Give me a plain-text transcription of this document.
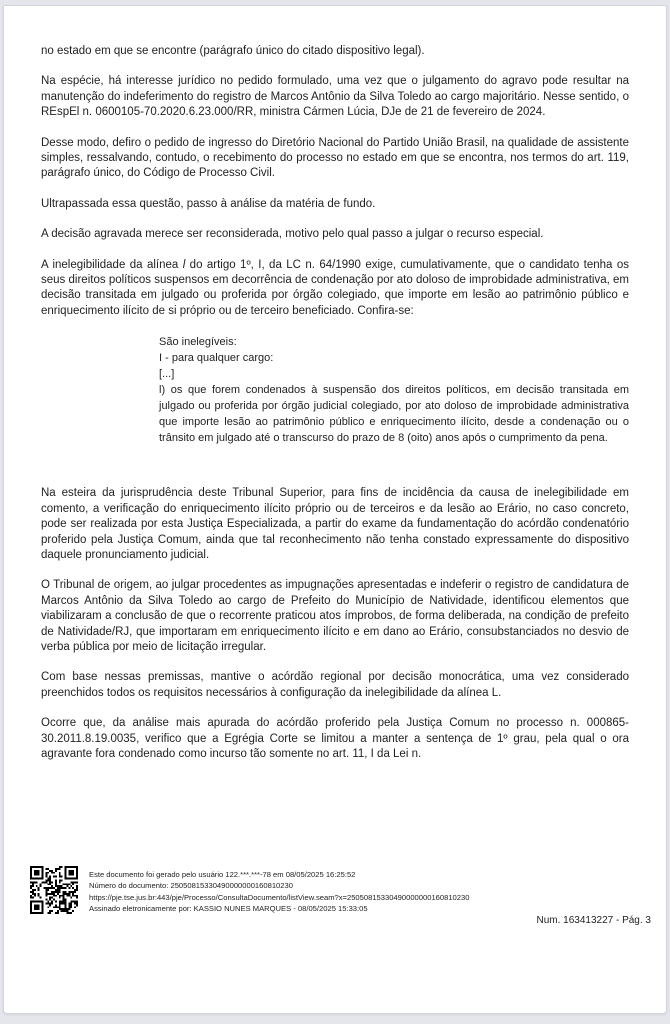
no estado em que se encontre (parágrafo único do citado dispositivo legal).

Na espécie, há interesse jurídico no pedido formulado, uma vez que o julgamento do agravo pode resultar na manutenção do indeferimento do registro de Marcos Antônio da Silva Toledo ao cargo majoritário. Nesse sentido, o REspEl n. 0600105-70.2020.6.23.000/RR, ministra Cármen Lúcia, DJe de 21 de fevereiro de 2024.

Desse modo, defiro o pedido de ingresso do Diretório Nacional do Partido União Brasil, na qualidade de assistente simples, ressalvando, contudo, o recebimento do processo no estado em que se encontra, nos termos do art. 119, parágrafo único, do Código de Processo Civil.

Ultrapassada essa questão, passo à análise da matéria de fundo.

A decisão agravada merece ser reconsiderada, motivo pelo qual passo a julgar o recurso especial.

A inelegibilidade da alínea l do artigo 1º, I, da LC n. 64/1990 exige, cumulativamente, que o candidato tenha os seus direitos políticos suspensos em decorrência de condenação por ato doloso de improbidade administrativa, em decisão transitada em julgado ou proferida por órgão colegiado, que importe em lesão ao patrimônio público e enriquecimento ilícito de si próprio ou de terceiro beneficiado. Confira-se:

São inelegíveis:
I - para qualquer cargo:
[...]
l) os que forem condenados à suspensão dos direitos políticos, em decisão transitada em julgado ou proferida por órgão judicial colegiado, por ato doloso de improbidade administrativa que importe lesão ao patrimônio público e enriquecimento ilícito, desde a condenação ou o trânsito em julgado até o transcurso do prazo de 8 (oito) anos após o cumprimento da pena.

Na esteira da jurisprudência deste Tribunal Superior, para fins de incidência da causa de inelegibilidade em comento, a verificação do enriquecimento ilícito próprio ou de terceiros e da lesão ao Erário, no caso concreto, pode ser realizada por esta Justiça Especializada, a partir do exame da fundamentação do acórdão condenatório proferido pela Justiça Comum, ainda que tal reconhecimento não tenha constado expressamente do dispositivo daquele pronunciamento judicial.

O Tribunal de origem, ao julgar procedentes as impugnações apresentadas e indeferir o registro de candidatura de Marcos Antônio da Silva Toledo ao cargo de Prefeito do Município de Natividade, identificou elementos que viabilizaram a conclusão de que o recorrente praticou atos ímprobos, de forma deliberada, na condição de prefeito de Natividade/RJ, que importaram em enriquecimento ilícito e em dano ao Erário, consubstanciados no desvio de verba pública por meio de licitação irregular.

Com base nessas premissas, mantive o acórdão regional por decisão monocrática, uma vez considerado preenchidos todos os requisitos necessários à configuração da inelegibilidade da alínea L.

Ocorre que, da análise mais apurada do acórdão proferido pela Justiça Comum no processo n. 000865-30.2011.8.19.0035, verifico que a Egrégia Corte se limitou a manter a sentença de 1º grau, pela qual o ora agravante fora condenado como incurso tão somente no art. 11, I da Lei n.

Este documento foi gerado pelo usuário 122.***.***-78 em 08/05/2025 16:25:52
Número do documento: 25050815330490000000160810230
https://pje.tse.jus.br:443/pje/Processo/ConsultaDocumento/listView.seam?x=25050815330490000000160810230
Assinado eletronicamente por: KASSIO NUNES MARQUES - 08/05/2025 15:33:05
Num. 163413227 - Pág. 3
